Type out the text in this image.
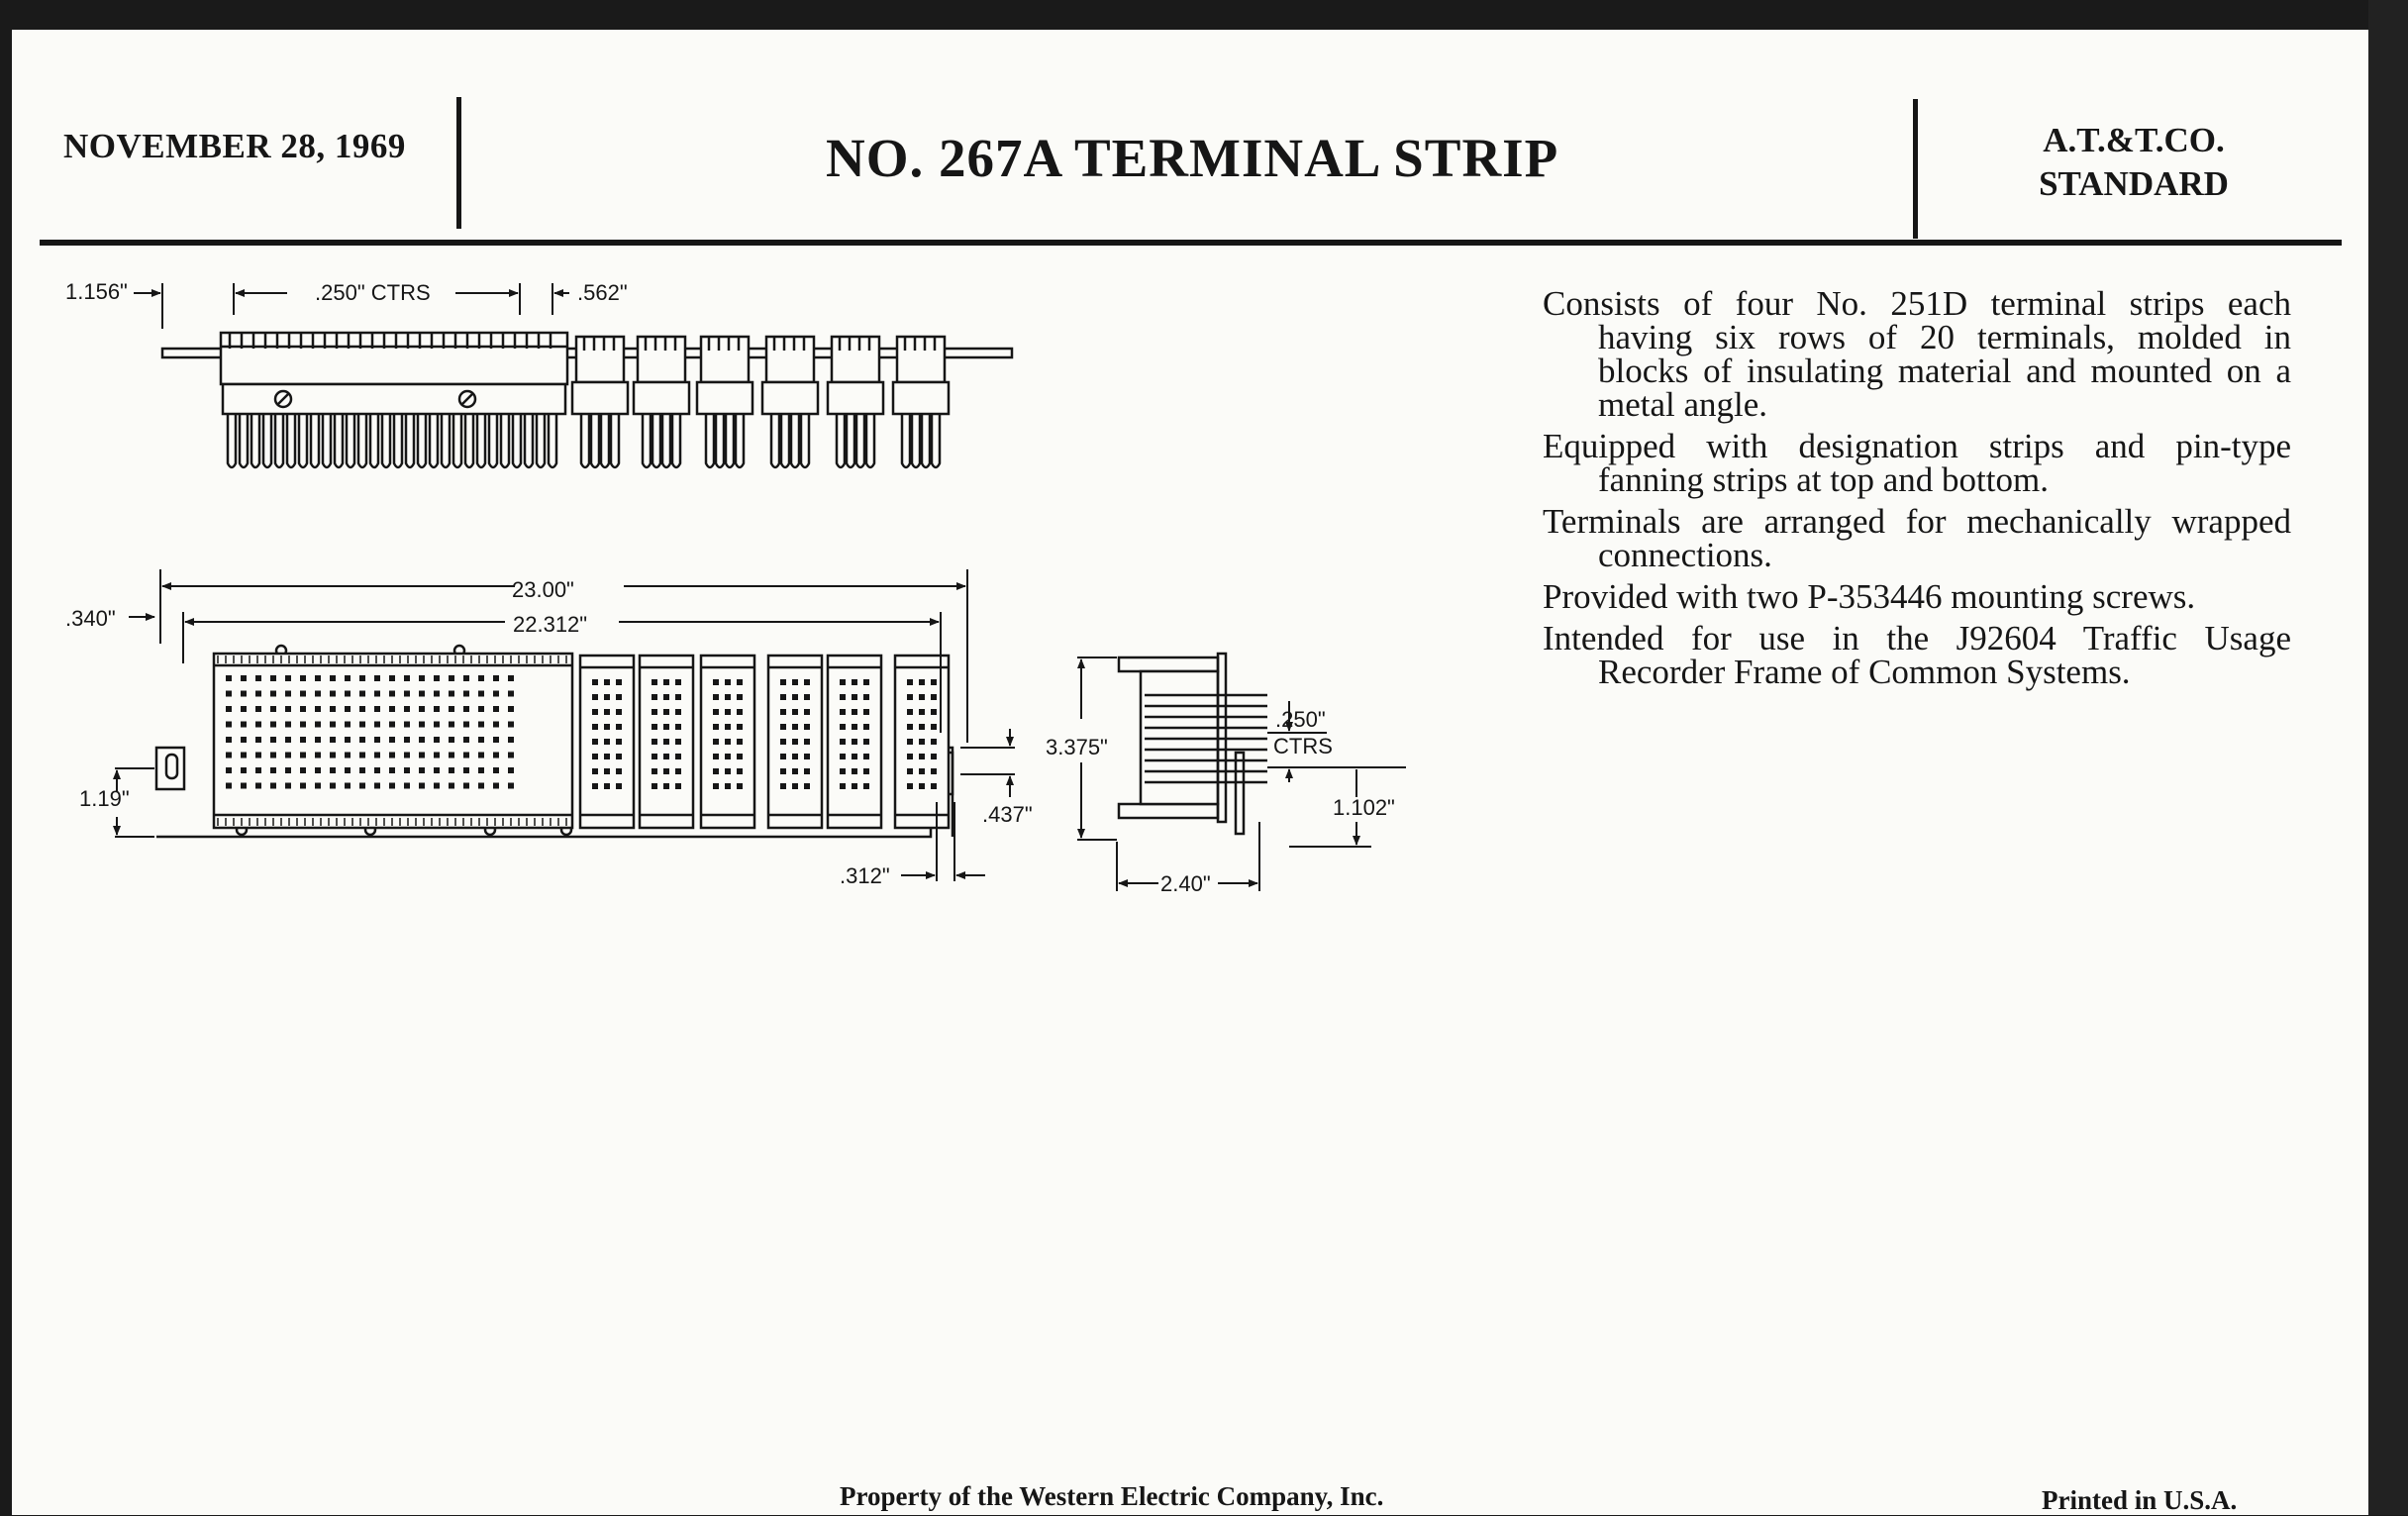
NOVEMBER 28, 1969	NO. 267A TERMINAL STRIP	A.T.&T.CO.
STANDARD
1.156"	.250" CTRS	.562"
.340"
23.00"
22.312"
1.19"
.437"
.312"
3.375"
.250"
CTRS
1.102"
2.40"

Consists of four No. 251D terminal strips each having six rows of 20 terminals, molded in blocks of insulating material and mounted on a metal angle.

Equipped with designation strips and pin-type fanning strips at top and bottom.

Terminals are arranged for mechanically wrapped connections.

Provided with two P-353446 mounting screws.

Intended for use in the J92604 Traffic Usage Recorder Frame of Common Systems.

Property of the Western Electric Company, Inc.	Printed in U.S.A.
